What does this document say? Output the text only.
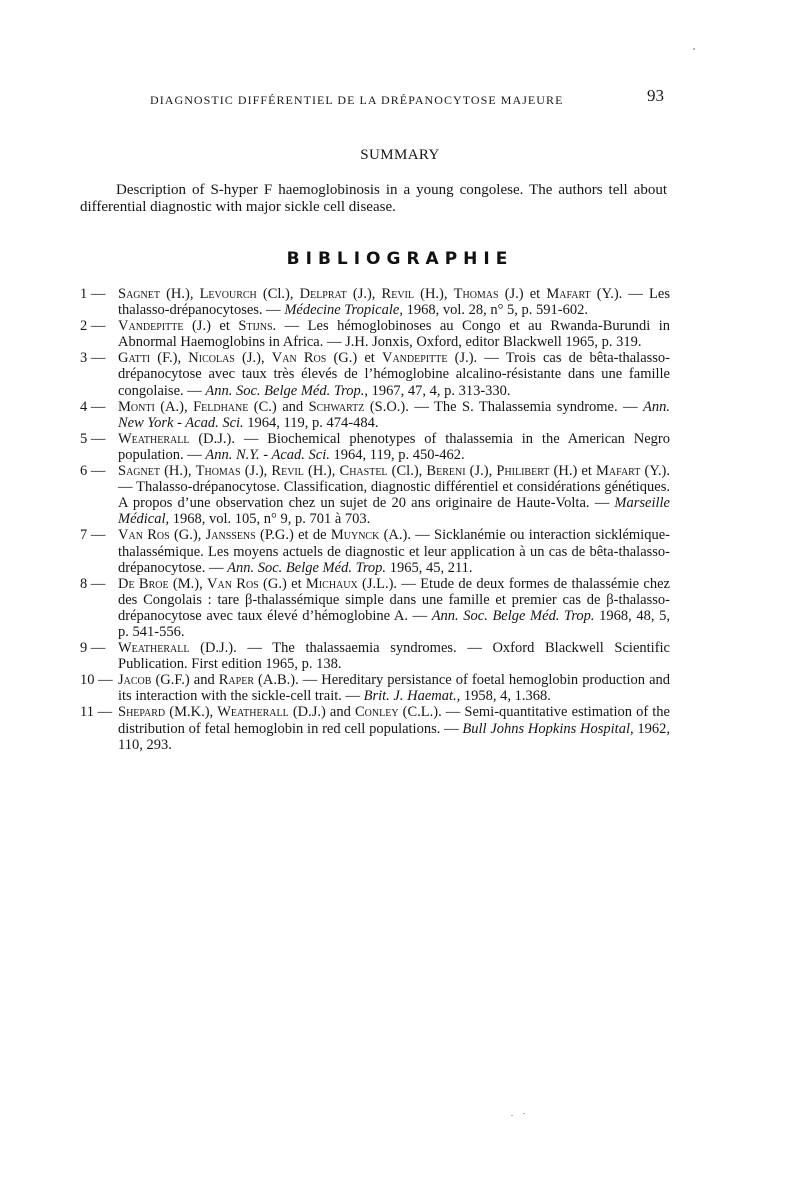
DIAGNOSTIC DIFFÉRENTIEL DE LA DRÉPANOCYTOSE MAJEURE	93
SUMMARY

Description of S-hyper F haemoglobinosis in a young congolese. The authors tell about differential diagnostic with major sickle cell disease.

BIBLIOGRAPHIE

1 — Sagnet (H.), Levourch (Cl.), Delprat (J.), Revil (H.), Thomas (J.) et Mafart (Y.). — Les thalasso-drépanocytoses. — Médecine Tropicale, 1968, vol. 28, n° 5, p. 591-602.

2 — Vandepitte (J.) et Stijns. — Les hémoglobinoses au Congo et au Rwanda-Burundi in Abnormal Haemoglobins in Africa. — J.H. Jonxis, Oxford, editor Blackwell 1965, p. 319.

3 — Gatti (F.), Nicolas (J.), Van Ros (G.) et Vandepitte (J.). — Trois cas de bêta-thalasso-drépanocytose avec taux très élevés de l’hémoglobine alcalino-résistante dans une famille congolaise. — Ann. Soc. Belge Méd. Trop., 1967, 47, 4, p. 313-330.

4 — Monti (A.), Feldhane (C.) and Schwartz (S.O.). — The S. Thalassemia syndrome. — Ann. New York - Acad. Sci. 1964, 119, p. 474-484.

5 — Weatherall (D.J.). — Biochemical phenotypes of thalassemia in the American Negro population. — Ann. N.Y. - Acad. Sci. 1964, 119, p. 450-462.

6 — Sagnet (H.), Thomas (J.), Revil (H.), Chastel (Cl.), Bereni (J.), Philibert (H.) et Mafart (Y.). — Thalasso-drépanocytose. Classification, diagnostic différentiel et considérations génétiques. A propos d’une observation chez un sujet de 20 ans originaire de Haute-Volta. — Marseille Médical, 1968, vol. 105, n° 9, p. 701 à 703.

7 — Van Ros (G.), Janssens (P.G.) et de Muynck (A.). — Sicklanémie ou interaction sicklémique-thalassémique. Les moyens actuels de diagnostic et leur application à un cas de bêta-thalasso-drépanocytose. — Ann. Soc. Belge Méd. Trop. 1965, 45, 211.

8 — De Broe (M.), Van Ros (G.) et Michaux (J.L.). — Etude de deux formes de thalassémie chez des Congolais : tare β-thalassémique simple dans une famille et premier cas de β-thalasso-drépanocytose avec taux élevé d’hémoglobine A. — Ann. Soc. Belge Méd. Trop. 1968, 48, 5, p. 541-556.

9 — Weatherall (D.J.). — The thalassaemia syndromes. — Oxford Blackwell Scientific Publication. First edition 1965, p. 138.

10 — Jacob (G.F.) and Raper (A.B.). — Hereditary persistance of foetal hemoglobin production and its interaction with the sickle-cell trait. — Brit. J. Haemat., 1958, 4, 1.368.

11 — Shepard (M.K.), Weatherall (D.J.) and Conley (C.L.). — Semi-quantitative estimation of the distribution of fetal hemoglobin in red cell populations. — Bull Johns Hopkins Hospital, 1962, 110, 293.
